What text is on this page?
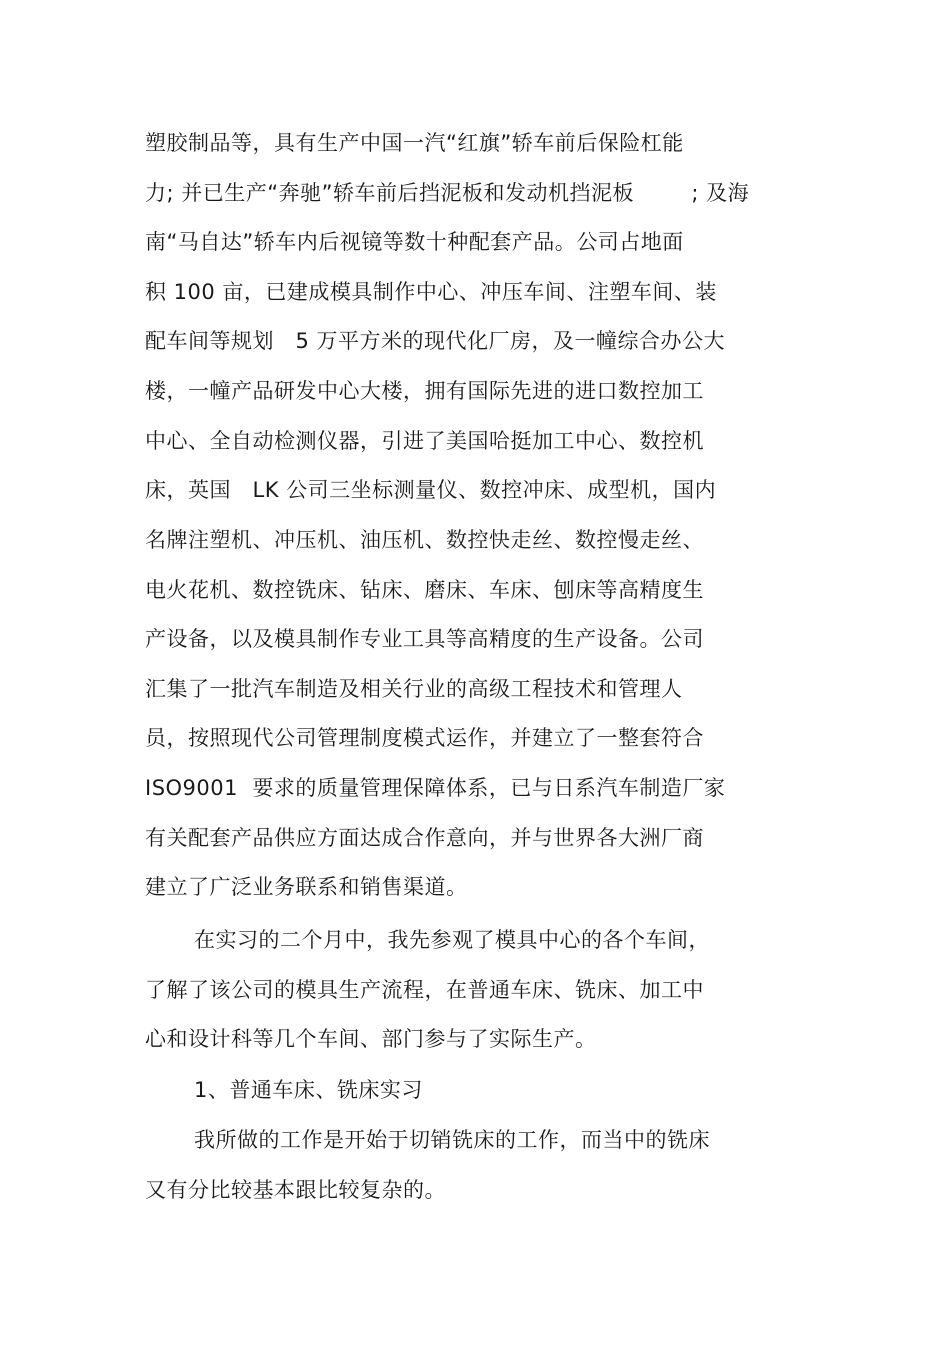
塑胶制品等，具有生产中国一汽“红旗”轿车前后保险杠能
力; 并已生产“奔驰”轿车前后挡泥板和发动机挡泥板        ; 及海
南“马自达”轿车内后视镜等数十种配套产品。公司占地面
积 100 亩，已建成模具制作中心、冲压车间、注塑车间、装
配车间等规划   5 万平方米的现代化厂房，及一幢综合办公大
楼，一幢产品研发中心大楼，拥有国际先进的进口数控加工
中心、全自动检测仪器，引进了美国哈挺加工中心、数控机
床，英国   LK 公司三坐标测量仪、数控冲床、成型机，国内
名牌注塑机、冲压机、油压机、数控快走丝、数控慢走丝、
电火花机、数控铣床、钻床、磨床、车床、刨床等高精度生
产设备，以及模具制作专业工具等高精度的生产设备。公司
汇集了一批汽车制造及相关行业的高级工程技术和管理人
员，按照现代公司管理制度模式运作，并建立了一整套符合
ISO9001  要求的质量管理保障体系，已与日系汽车制造厂家
有关配套产品供应方面达成合作意向，并与世界各大洲厂商
建立了广泛业务联系和销售渠道。
在实习的二个月中，我先参观了模具中心的各个车间，
了解了该公司的模具生产流程，在普通车床、铣床、加工中
心和设计科等几个车间、部门参与了实际生产。
1、普通车床、铣床实习
我所做的工作是开始于切销铣床的工作，而当中的铣床
又有分比较基本跟比较复杂的。
